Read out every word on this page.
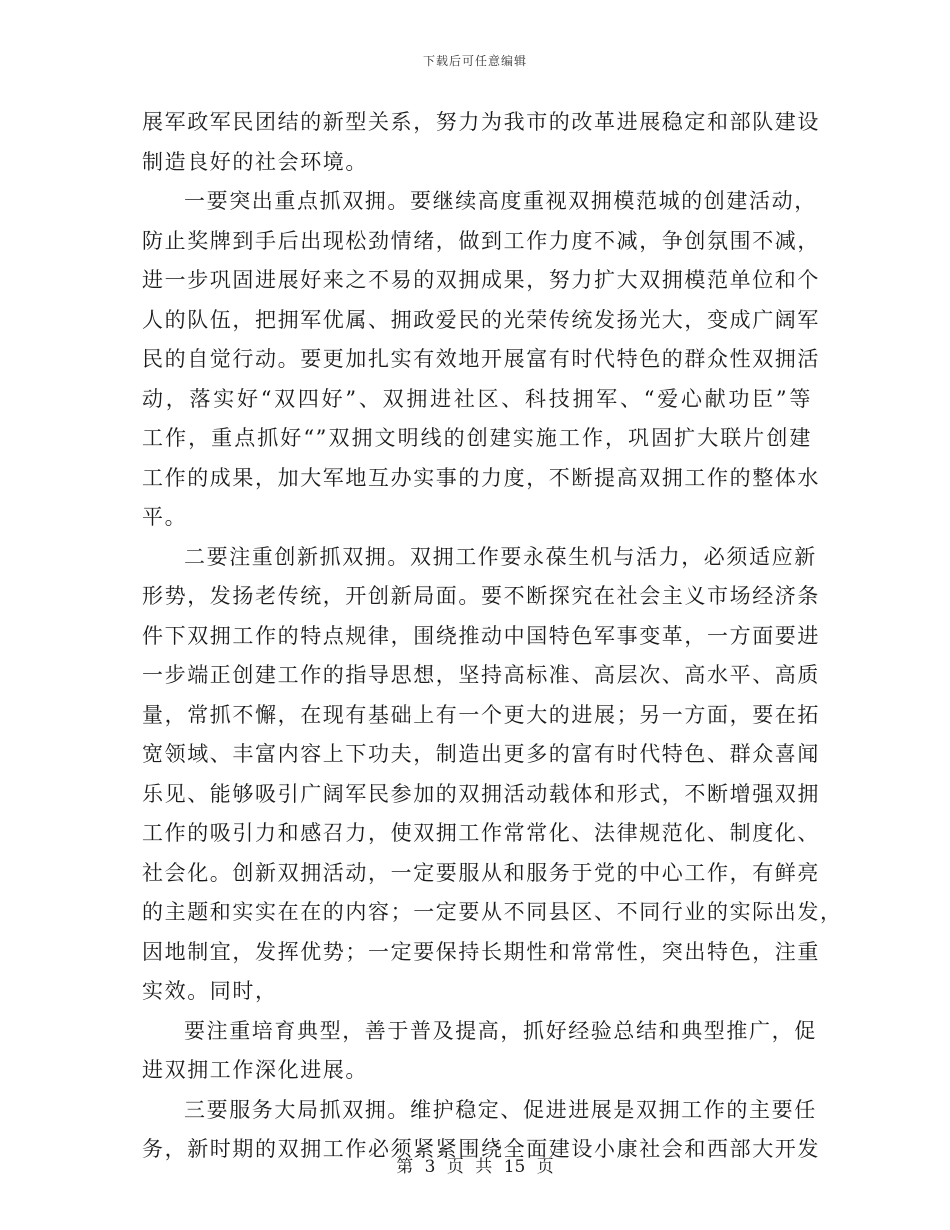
下载后可任意编辑
展军政军民团结的新型关系，努力为我市的改革进展稳定和部队建设
制造良好的社会环境。
一要突出重点抓双拥。要继续高度重视双拥模范城的创建活动，
防止奖牌到手后出现松劲情绪，做到工作力度不减，争创氛围不减，
进一步巩固进展好来之不易的双拥成果，努力扩大双拥模范单位和个
人的队伍，把拥军优属、拥政爱民的光荣传统发扬光大，变成广阔军
民的自觉行动。要更加扎实有效地开展富有时代特色的群众性双拥活
动，落实好“双四好”、双拥进社区、科技拥军、“爱心献功臣”等
工作，重点抓好“”双拥文明线的创建实施工作，巩固扩大联片创建
工作的成果，加大军地互办实事的力度，不断提高双拥工作的整体水
平。
二要注重创新抓双拥。双拥工作要永葆生机与活力，必须适应新
形势，发扬老传统，开创新局面。要不断探究在社会主义市场经济条
件下双拥工作的特点规律，围绕推动中国特色军事变革，一方面要进
一步端正创建工作的指导思想，坚持高标准、高层次、高水平、高质
量，常抓不懈，在现有基础上有一个更大的进展；另一方面，要在拓
宽领域、丰富内容上下功夫，制造出更多的富有时代特色、群众喜闻
乐见、能够吸引广阔军民参加的双拥活动载体和形式，不断增强双拥
工作的吸引力和感召力，使双拥工作常常化、法律规范化、制度化、
社会化。创新双拥活动，一定要服从和服务于党的中心工作，有鲜亮
的主题和实实在在的内容；一定要从不同县区、不同行业的实际出发，
因地制宜，发挥优势；一定要保持长期性和常常性，突出特色，注重
实效。同时，
要注重培育典型，善于普及提高，抓好经验总结和典型推广，促
进双拥工作深化进展。
三要服务大局抓双拥。维护稳定、促进进展是双拥工作的主要任
务，新时期的双拥工作必须紧紧围绕全面建设小康社会和西部大开发
第 3 页 共 15 页
